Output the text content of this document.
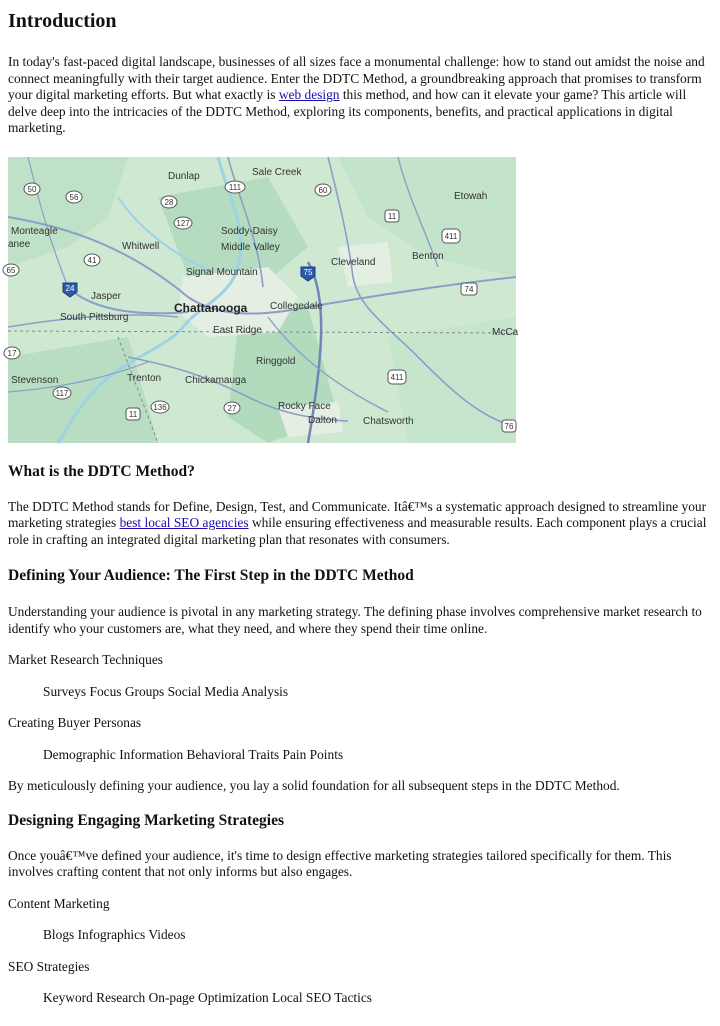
Introduction

In today's fast-paced digital landscape, businesses of all sizes face a monumental challenge: how to stand out amidst the noise and connect meaningfully with their target audience. Enter the DDTC Method, a groundbreaking approach that promises to transform your digital marketing efforts. But what exactly is web design this method, and how can it elevate your game? This article will delve deep into the intricacies of the DDTC Method, exploring its components, benefits, and practical applications in digital marketing.

50
56
28
111	60
127
11
411
41
24
75
74
17
411
117
136	27
11
76
65
Dunlap	Sale Creek
Etowah
Monteagle
anee	Whitwell
Soddy-Daisy
Middle Valley
Cleveland
Benton
Signal Mountain
Jasper
Chattanooga Collegedale
South Pittsburg
East Ridge	McCa
Ringgold
Stevenson	Trenton Chickamauga
Rocky Face
Dalton	Chatsworth
What is the DDTC Method?

The DDTC Method stands for Define, Design, Test, and Communicate. Itâ€™s a systematic approach designed to streamline your marketing strategies best local SEO agencies while ensuring effectiveness and measurable results. Each component plays a crucial role in crafting an integrated digital marketing plan that resonates with consumers.

Defining Your Audience: The First Step in the DDTC Method

Understanding your audience is pivotal in any marketing strategy. The defining phase involves comprehensive market research to identify who your customers are, what they need, and where they spend their time online.

Market Research Techniques

Surveys Focus Groups Social Media Analysis

Creating Buyer Personas

Demographic Information Behavioral Traits Pain Points

By meticulously defining your audience, you lay a solid foundation for all subsequent steps in the DDTC Method.

Designing Engaging Marketing Strategies

Once youâ€™ve defined your audience, it's time to design effective marketing strategies tailored specifically for them. This involves crafting content that not only informs but also engages.

Content Marketing

Blogs Infographics Videos

SEO Strategies

Keyword Research On-page Optimization Local SEO Tactics
